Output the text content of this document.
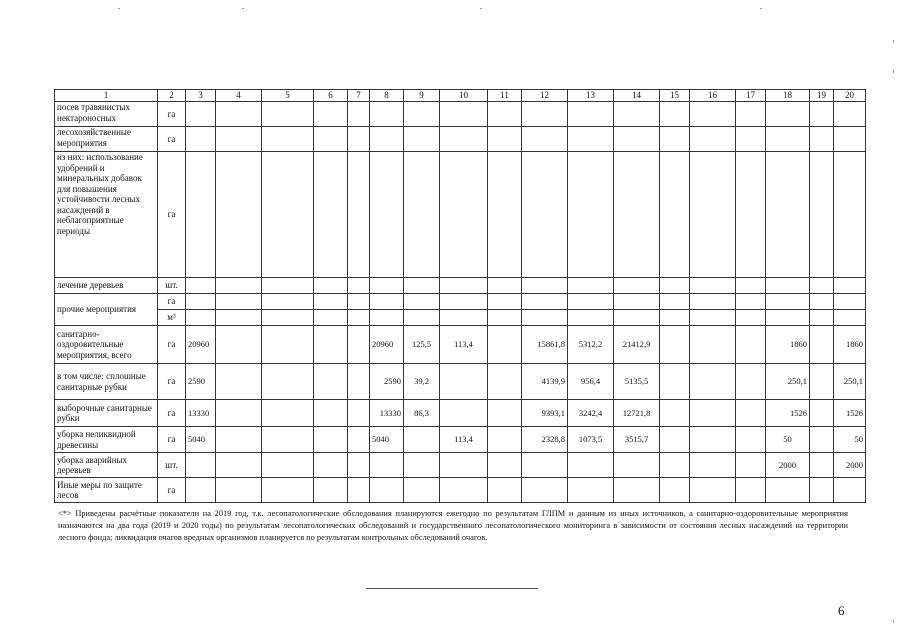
1	2	3	4	5	6	7	8	9	10	11	12	13	14	15	16	17	18	19	20
посев травянистых нектароносных	га																		
лесохозяйственные мероприятия	га																		
из них: использование удобрений и минеральных добавок для повышения устойчивости лесных насаждений в неблагоприятные периоды	га																		
лечение деревьев	шт.																		
прочие мероприятия	га																		
	м³																		
санитарно-оздоровительные мероприятия, всего	га	20960					20960	125,5	113,4		15861,8	5312,2	21412,9				1860		1860
в том числе: сплошные санитарные рубки	га	2590					2590	39,2			4139,9	956,4	5135,5				250,1		250,1
выборочные санитарные рубки	га	13330					13330	86,3			9393,1	3242,4	12721,8				1526		1526
уборка неликвидной древесины	га	5040					5040		113,4		2328,8	1073,5	3515,7				50		50
уборка аварийных деревьев	шт.																2000		2000
Иные меры по защите лесов	га																		
<*> Приведены расчётные показатели на 2019 год, т.к. лесопатологические обследования планируются ежегодно по результатам ГЛПМ и данным из иных источников, а санитарно-оздоровительные мероприятия назначаются на два года (2019 и 2020 годы) по результатам лесопатологических обследований и государственного лесопатологического мониторинга в зависимости от состояния лесных насаждений на территории лесного фонда; ликвидация очагов вредных организмов планируется по результатам контрольных обследований очагов.
6
